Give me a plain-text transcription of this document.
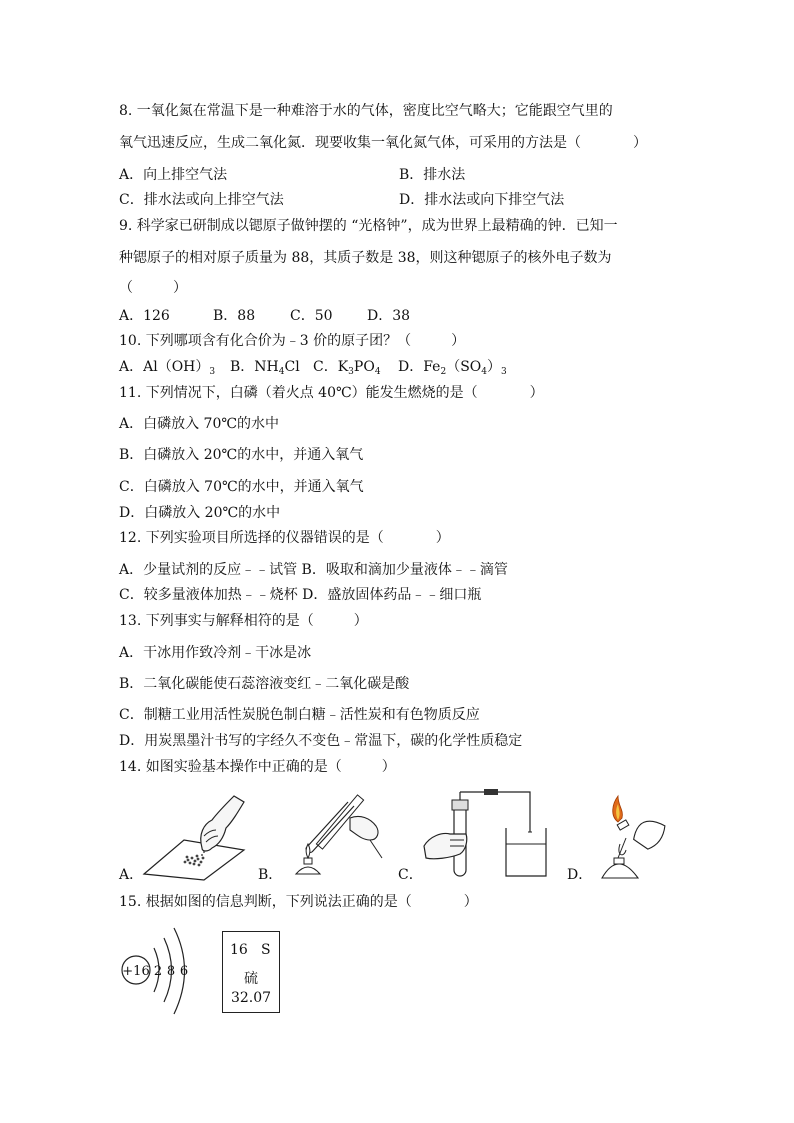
8. 一氧化氮在常温下是一种难溶于水的气体，密度比空气略大；它能跟空气里的
氧气迅速反应，生成二氧化氮．现要收集一氧化氮气体，可采用的方法是（	）
A．向上排空气法	B．排水法
C．排水法或向上排空气法	D．排水法或向下排空气法
9. 科学家已研制成以锶原子做钟摆的 “光格钟”，成为世界上最精确的钟．已知一
种锶原子的相对原子质量为 88，其质子数是 38，则这种锶原子的核外电子数为
（	）
A．126	B．88 C．50 D．38
10. 下列哪项含有化合价为﹣3 价的原子团？（	）
A．$Al(OH)_3$ B．$NH_4Cl$ C．$K_3PO_4$ D．$Fe_2(SO_4)_3$
11. 下列情况下，白磷（着火点 40℃）能发生燃烧的是（	）
A．白磷放入 70℃的水中
B．白磷放入 20℃的水中，并通入氧气
C．白磷放入 70℃的水中，并通入氧气
D．白磷放入 20℃的水中
12. 下列实验项目所选择的仪器错误的是（	）
A．少量试剂的反应﹣﹣试管 B．吸取和滴加少量液体﹣﹣滴管
C．较多量液体加热﹣﹣烧杯 D．盛放固体药品﹣﹣细口瓶
13. 下列事实与解释相符的是（	）
A．干冰用作致冷剂﹣干冰是冰
B．二氧化碳能使石蕊溶液变红﹣二氧化碳是酸
C．制糖工业用活性炭脱色制白糖﹣活性炭和有色物质反应
D．用炭黑墨汁书写的字经久不变色﹣常温下，碳的化学性质稳定
14. 如图实验基本操作中正确的是（	）
A．	B．	C．	D．
15. 根据如图的信息判断，下列说法正确的是（	）
+16 2 8 6
16 S
硫
32.07
